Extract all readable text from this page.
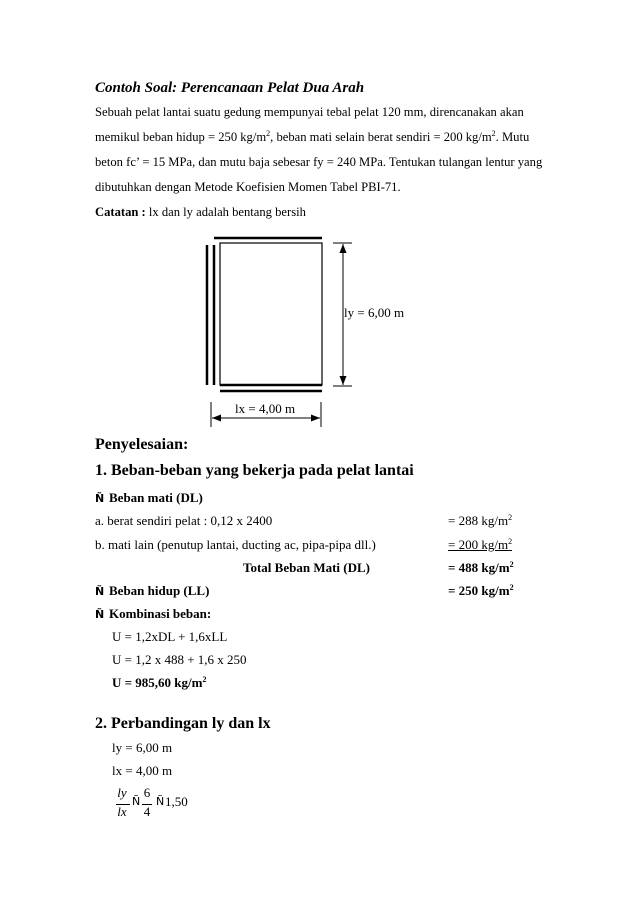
Contoh Soal: Perencanaan Pelat Dua Arah
Sebuah pelat lantai suatu gedung mempunyai tebal pelat 120 mm, direncanakan akan
memikul beban hidup = 250 $kg/m^2$, beban mati selain berat sendiri = 200 $kg/m^2$. Mutu
beton fc’ = 15 MPa, dan mutu baja sebesar fy = 240 MPa. Tentukan tulangan lentur yang
dibutuhkan dengan Metode Koefisien Momen Tabel PBI-71.
Catatan : lx dan ly adalah bentang bersih
ly = 6,00 m
lx = 4,00 m
Penyelesaian:
1. Beban-beban yang bekerja pada pelat lantai
Ñ Beban mati (DL)
a. berat sendiri pelat : 0,12 x 2400	= 288 $kg/m^2$
b. mati lain (penutup lantai, ducting ac, pipa-pipa dll.)	= 200 $kg/m^2$
Total Beban Mati (DL)	= 488 $kg/m^2$
Ñ Beban hidup (LL)	= 250 $kg/m^2$
Ñ Kombinasi beban:
U = 1,2xDL + 1,6xLL
U = 1,2 x 488 + 1,6 x 250
U = 985,60 $kg/m^2$
2. Perbandingan ly dan lx
ly = 6,00 m
lx = 4,00 m
ly
lx
Ñ
6
4
Ñ 1,50
